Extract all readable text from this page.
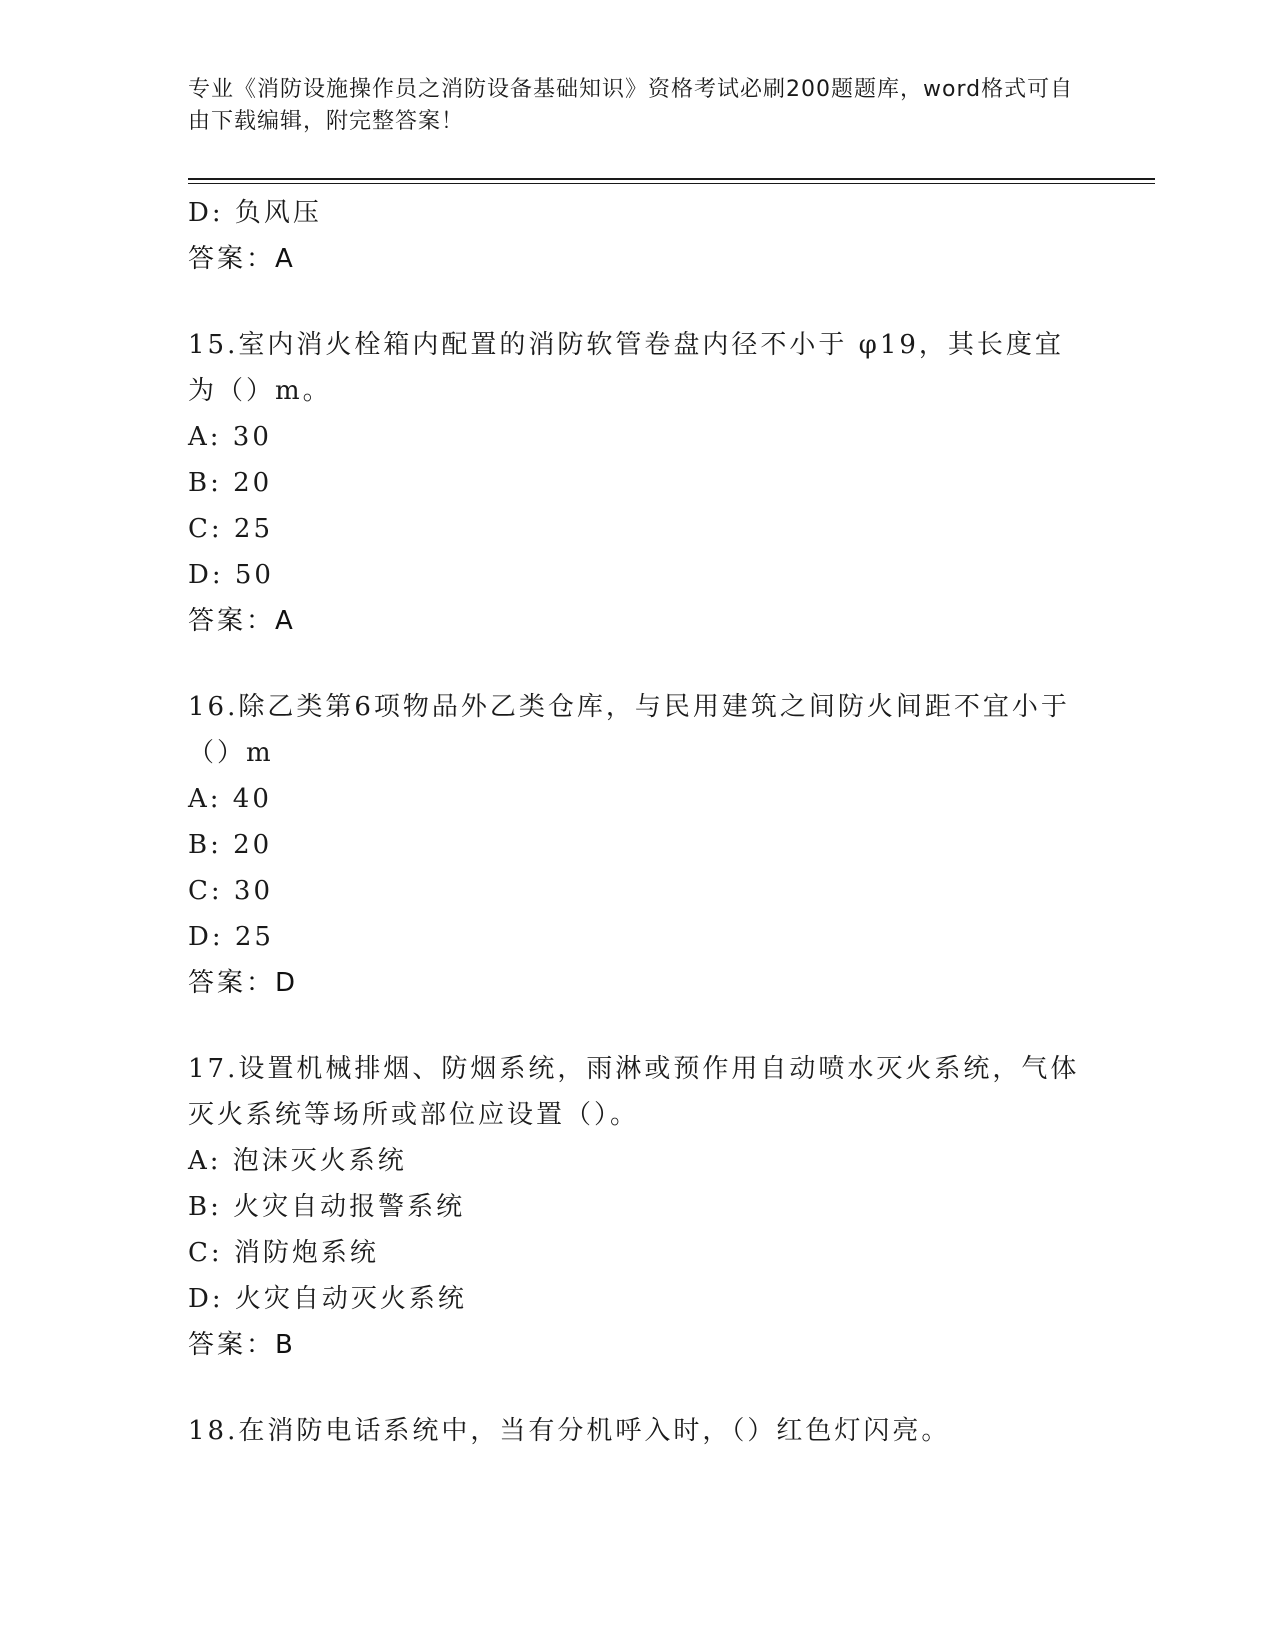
专业《消防设施操作员之消防设备基础知识》资格考试必刷200题题库，word格式可自由下载编辑，附完整答案！
D: 负风压
答案：A
15.室内消火栓箱内配置的消防软管卷盘内径不小于 φ19，其长度宜为（）m。
A: 30
B: 20
C: 25
D: 50
答案：A
16.除乙类第6项物品外乙类仓库，与民用建筑之间防火间距不宜小于（）m
A: 40
B: 20
C: 30
D: 25
答案：D
17.设置机械排烟、防烟系统，雨淋或预作用自动喷水灭火系统，气体灭火系统等场所或部位应设置（）。
A: 泡沫灭火系统
B: 火灾自动报警系统
C: 消防炮系统
D: 火灾自动灭火系统
答案：B
18.在消防电话系统中，当有分机呼入时，（）红色灯闪亮。
